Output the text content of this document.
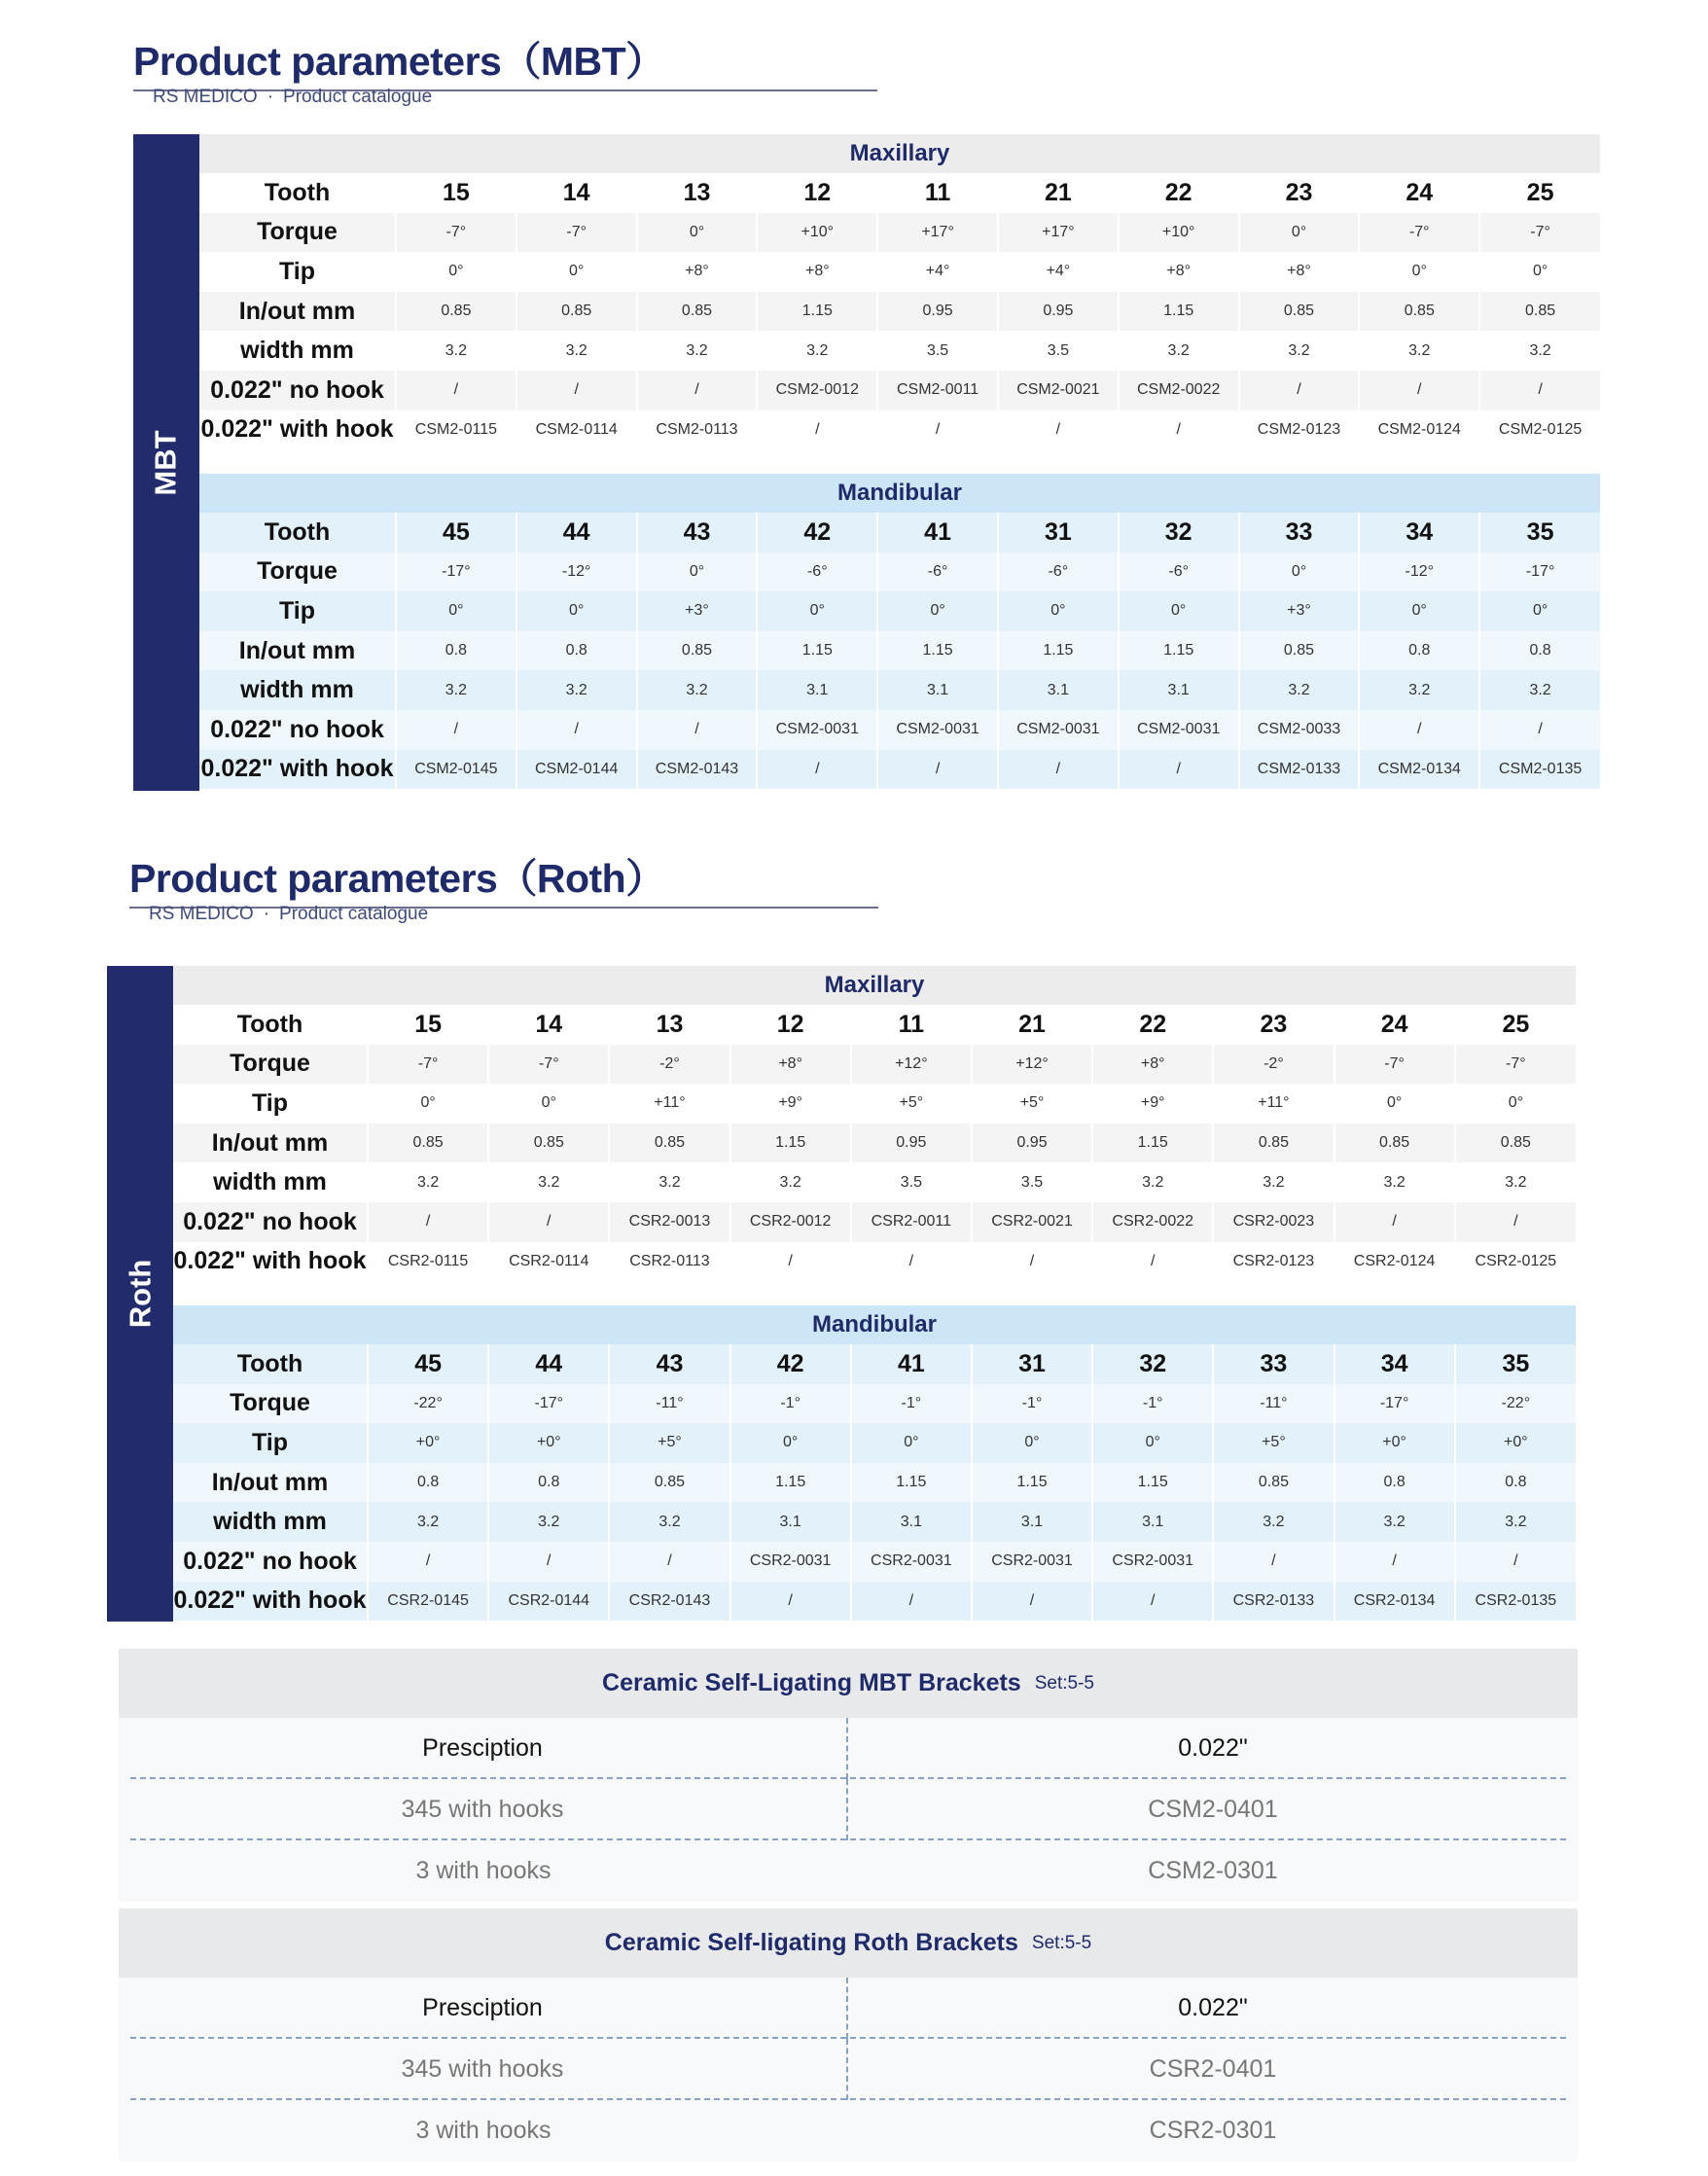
Product parameters（MBT） RS MEDICO · Product catalogue
MBT
Maxillary										
Tooth	15	14	13	12	11	21	22	23	24	25
Torque	-7°	-7°	0°	+10°	+17°	+17°	+10°	0°	-7°	-7°
Tip	0°	0°	+8°	+8°	+4°	+4°	+8°	+8°	0°	0°
In/out mm	0.85	0.85	0.85	1.15	0.95	0.95	1.15	0.85	0.85	0.85
width mm	3.2	3.2	3.2	3.2	3.5	3.5	3.2	3.2	3.2	3.2
0.022" no hook	/	/	/	CSM2-0012	CSM2-0011	CSM2-0021	CSM2-0022	/	/	/
0.022" with hook	CSM2-0115	CSM2-0114	CSM2-0113	/	/	/	/	CSM2-0123	CSM2-0124	CSM2-0125
Mandibular										
Tooth	45	44	43	42	41	31	32	33	34	35
Torque	-17°	-12°	0°	-6°	-6°	-6°	-6°	0°	-12°	-17°
Tip	0°	0°	+3°	0°	0°	0°	0°	+3°	0°	0°
In/out mm	0.8	0.8	0.85	1.15	1.15	1.15	1.15	0.85	0.8	0.8
width mm	3.2	3.2	3.2	3.1	3.1	3.1	3.1	3.2	3.2	3.2
0.022" no hook	/	/	/	CSM2-0031	CSM2-0031	CSM2-0031	CSM2-0031	CSM2-0033	/	/
0.022" with hook	CSM2-0145	CSM2-0144	CSM2-0143	/	/	/	/	CSM2-0133	CSM2-0134	CSM2-0135
Product parameters（Roth） RS MEDICO · Product catalogue
Roth
Maxillary										
Tooth	15	14	13	12	11	21	22	23	24	25
Torque	-7°	-7°	-2°	+8°	+12°	+12°	+8°	-2°	-7°	-7°
Tip	0°	0°	+11°	+9°	+5°	+5°	+9°	+11°	0°	0°
In/out mm	0.85	0.85	0.85	1.15	0.95	0.95	1.15	0.85	0.85	0.85
width mm	3.2	3.2	3.2	3.2	3.5	3.5	3.2	3.2	3.2	3.2
0.022" no hook	/	/	CSR2-0013	CSR2-0012	CSR2-0011	CSR2-0021	CSR2-0022	CSR2-0023	/	/
0.022" with hook	CSR2-0115	CSR2-0114	CSR2-0113	/	/	/	/	CSR2-0123	CSR2-0124	CSR2-0125
Mandibular										
Tooth	45	44	43	42	41	31	32	33	34	35
Torque	-22°	-17°	-11°	-1°	-1°	-1°	-1°	-11°	-17°	-22°
Tip	+0°	+0°	+5°	0°	0°	0°	0°	+5°	+0°	+0°
In/out mm	0.8	0.8	0.85	1.15	1.15	1.15	1.15	0.85	0.8	0.8
width mm	3.2	3.2	3.2	3.1	3.1	3.1	3.1	3.2	3.2	3.2
0.022" no hook	/	/	/	CSR2-0031	CSR2-0031	CSR2-0031	CSR2-0031	/	/	/
0.022" with hook	CSR2-0145	CSR2-0144	CSR2-0143	/	/	/	/	CSR2-0133	CSR2-0134	CSR2-0135
Ceramic Self-Ligating MBT Brackets Set:5-5
Presciption	0.022"
345 with hooks	CSM2-0401
3 with hooks	CSM2-0301
Ceramic Self-ligating Roth Brackets Set:5-5
Presciption	0.022"
345 with hooks	CSR2-0401
3 with hooks	CSR2-0301
